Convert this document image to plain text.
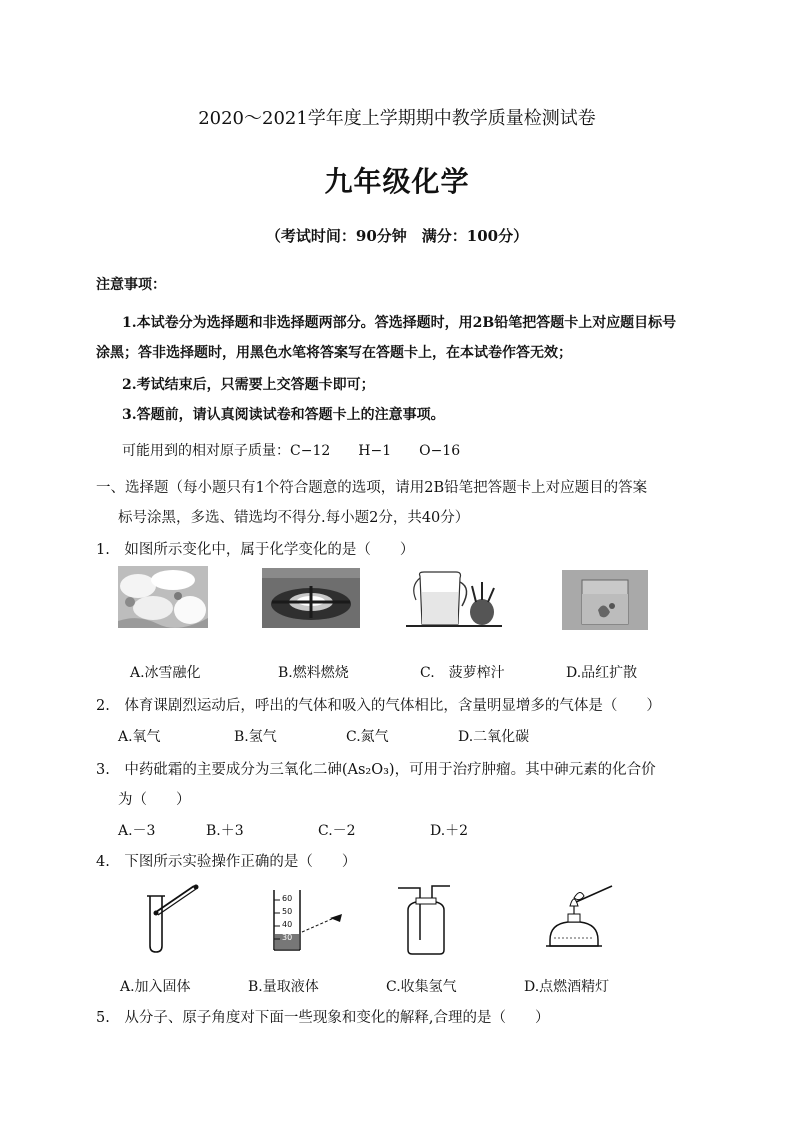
2020～2021学年度上学期期中教学质量检测试卷
九年级化学
（考试时间：90分钟　满分：100分）
注意事项：
1.本试卷分为选择题和非选择题两部分。答选择题时，用2B铅笔把答题卡上对应题目标号
涂黑；答非选择题时，用黑色水笔将答案写在答题卡上，在本试卷作答无效；
2.考试结束后，只需要上交答题卡即可；
3.答题前，请认真阅读试卷和答题卡上的注意事项。
可能用到的相对原子质量：C−12　　H−1　　O−16
一、选择题（每小题只有1个符合题意的选项，请用2B铅笔把答题卡上对应题目的答案
标号涂黑，多选、错选均不得分.每小题2分，共40分）
1.　如图所示变化中，属于化学变化的是（　　）
A.冰雪融化	B.燃料燃烧	C.　菠萝榨汁	D.品红扩散
2.　体育课剧烈运动后，呼出的气体和吸入的气体相比，含量明显增多的气体是（　　）
A.氧气	B.氢气	C.氮气	D.二氧化碳
3.　中药砒霜的主要成分为三氧化二砷(As₂O₃)，可用于治疗肿瘤。其中砷元素的化合价
为（　　）
A.－3	B.＋3	C.－2	D.＋2
4.　下图所示实验操作正确的是（　　）
60
50
40
30
A.加入固体	B.量取液体	C.收集氢气	D.点燃酒精灯
5.　从分子、原子角度对下面一些现象和变化的解释,合理的是（　　）
